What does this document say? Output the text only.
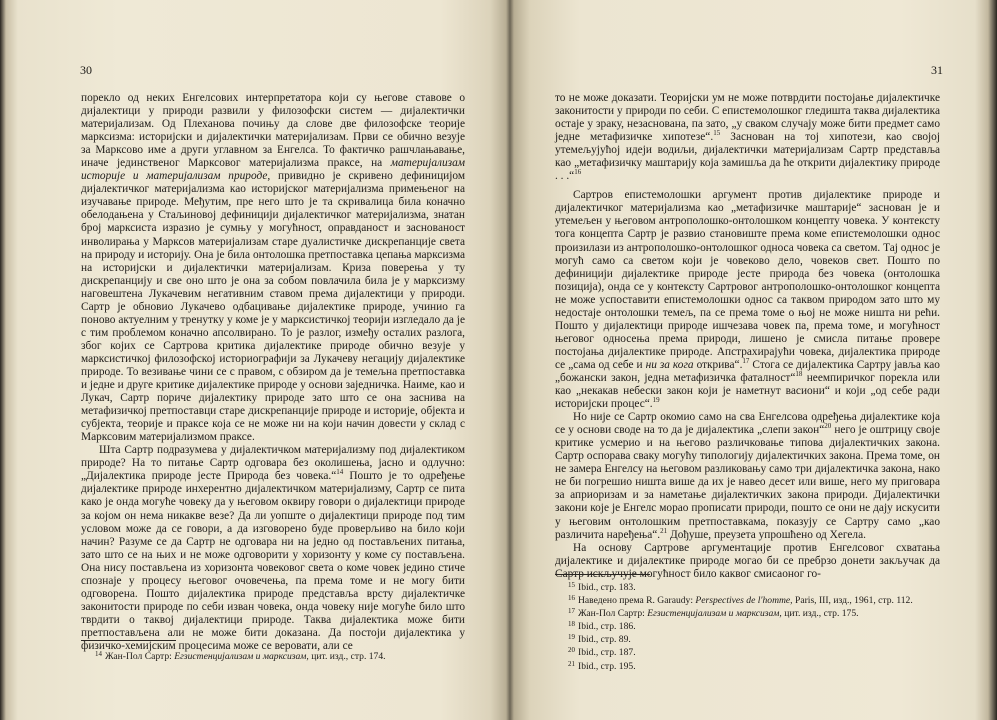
30

порекло од неких Енгелсових интерпретатора који су његове ставове о дијалектици у природи развили у филозофски систем — дијалектички материјализам. Од Плеханова почињу да слове две филозофске теорије марксизма: историјски и дијалектички материјализам. Први се обично везује за Марксово име а други углавном за Енгелса. То фактичко рашчлањавање, иначе јединственог Марксовог материјализма праксе, на материјализам историје и материјализам природе, привидно је скривено дефиницијом дијалектичког материјализма као историјског материјализма примењеног на изучавање природе. Међутим, пре него што је та скривалица била коначно обелодањена у Стаљиновој дефиницији дијалектичког материјализма, знатан број марксиста изразио је сумњу у могућност, оправданост и засновaност инволирања у Марксов материјализам старе дуалистичке дискрепанције света на природу и историју. Она је била онтолошка претпоставка цепања марксизма на историјски и дијалектички материјализам. Криза поверења у ту дискрепанцију и све оно што је она за собом повлачила била је у марксизму нагoвештена Лукачевим негативним ставом према дијалектици у природи. Сартр је обновио Лукачево одбацивање дијалектике природе, учинио га поново актуелним у тренутку у коме је у марксистичкој теорији изгледало да је с тим проблемом коначно апсолвирано. То је разлог, између осталих разлога, због којих се Сартрова критика дијалектике природе обично везује у марксистичкој филозофској историографији за Лукачеву негацију дијалектике природе. То везивање чини се с правом, с обзиром да је темељна претпоставка и једне и друге критике дијалектике природе у основи заједничка. Наиме, као и Лукач, Сартр пориче дијалектику природе зато што се она заснива на метафизичкој претпоставци старе дискрепанције природе и историје, објекта и субјекта, теорије и праксе која се не може ни на који начин довести у склад с Марксовим материјализмом праксе.

Шта Сартр подразумева у дијалектичком материјализму под дијалектиком природе? На то питање Сартр одговара без околишења, јасно и одлучно: „Дијалектика природе јесте Природа без човека.“$^{14}$ Пошто је то одређење дијалектике природе инхерентно дијалектичком материјализму, Сартр се пита како је онда могуће човеку да у његовом оквиру говори о дијалектици природе за којом он нема никакве везе? Да ли уопште о дијалектици природе под тим условом може да се говори, а да изговорено буде проверљиво на било који начин? Разуме се да Сартр не одговара ни на једно од постављених питања, зато што се на њих и не може одговорити у хоризонту у коме су постављена. Она нису постављена из хоризонта човековог света о коме човек једино стиче спознаје у процесу његовог очовечења, па према томе и не могу бити одговорена. Пошто дијалектика природе представља врсту дијалектичке законитости природе по себи изван човека, онда човеку није могуће било што тврдити о таквој дијалектици природе. Таква дијалектика може бити претпостављена али не може бити доказана. Да постоји дијалектика у физичко-хемијским процесима може се веровати, али се

$^{14}$ Жан-Пол Сартр: Егзистенцијализам и марксизам, цит. изд., стр. 174.

31

то не може доказати. Теоријски ум не може потврдити постојање дијалектичке законитости у природи по себи. С епистемолошког гледишта таква дијалектика остаје у зраку, незаснована, па зато, „у сваком случају може бити предмет само једне метафизичке хипотезе“.$^{15}$ Заснован на тој хипотези, као својој утемељујућој идеји водиљи, дијалектички материјализам Сартр представља као „метафизичку маштарију која замишља да ће открити дијалектику природе . . .“$^{16}$

Сартров епистемолошки аргумент против дијалектике природе и дијалектичког материјализма као „метафизичке маштарије“ заснован је и утемељен у његовом антрополошко-онтолошком концепту човека. У контексту тога концепта Сартр је развио становиште према коме епистемолошки однос произилази из антрополошко-онтолошког односа човека са светом. Тај однос је могућ само са светом који је човеково дело, човеков свет. Пошто по дефиницији дијалектике природе јесте природа без човека (онтолошка позиција), онда се у контексту Сартровог антрополошко-онтолошког концепта не може успоставити епистемолошки однос са таквом природом зато што му недостаје онтолошки темељ, па се према томе о њој не може ништа ни рећи. Пошто у дијалектици природе ишчезава човек па, према томе, и могућност његовог односења према природи, лишено је смисла питање провере постојања дијалектике природе. Апстрахирајући човека, дијалектика природе се „сама од себе и ни за кога открива“.$^{17}$ Стога се дијалектика Сартру јавља као „божански закон, једна метафизичка фаталност“$^{18}$ неемпиричког порекла или као „некакав небески закон који је наметнут васиони“ и који „од себе ради историјски процес“.$^{19}$

Но није се Сартр окомио само на сва Енгелсова одређења дијалектике која се у основи своде на то да је дијалектика „слепи закон“$^{20}$ него је оштрицу своје критике усмерио и на његово различковање типова дијалектичких закона. Сартр оспорава сваку могућу типологију дијалектичких закона. Према томе, он не замера Енгелсу на његовом разликовању само три дијалектичка закона, нако не би погрешио ништа више да их је навео десет или више, него му приговара за априоризам и за наметање дијалектичких закона природи. Дијалектички закони које је Енгелс морао прописати природи, пошто се они не дају искусити у његовим онтолошким претпоставкама, показују се Сартру само „као различита наређења“.$^{21}$ Дођуше, преузета упрошћено од Хегела.

На основу Сартрове аргументације против Енгелсовог схватања дијалектике и дијалектике природе могао би се пребрзо донети закључак да Сартр искључује могућност било каквог смисаоног го-

$^{15}$ Ibid., стр. 183.

$^{16}$ Наведено према R. Garaudy: Perspectives de l'homme, Paris, III, изд., 1961, стр. 112.

$^{17}$ Жан-Пол Сартр: Егзистенцијализам и марксизам, цит. изд., стр. 175.

$^{18}$ Ibid., стр. 186.

$^{19}$ Ibid., стр. 89.

$^{20}$ Ibid., стр. 187.

$^{21}$ Ibid., стр. 195.
